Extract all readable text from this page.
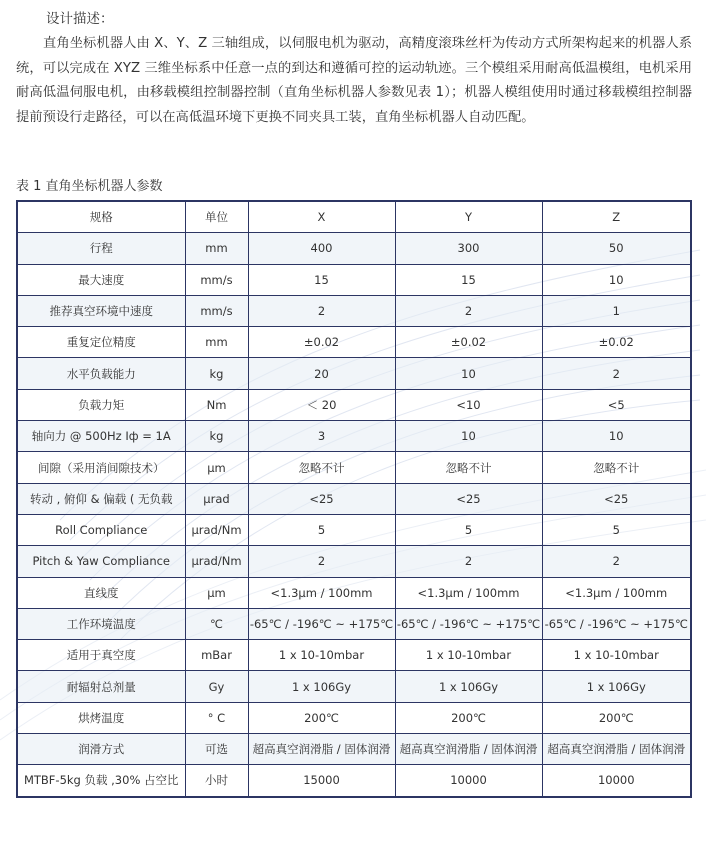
设计描述：

直角坐标机器人由 X、Y、Z 三轴组成，以伺服电机为驱动，高精度滚珠丝杆为传动方式所架构起来的机器人系统，可以完成在 XYZ 三维坐标系中任意一点的到达和遵循可控的运动轨迹。三个模组采用耐高低温模组，电机采用耐高低温伺服电机，由移载模组控制器控制（直角坐标机器人参数见表 1）；机器人模组使用时通过移载模组控制器提前预设行走路径，可以在高低温环境下更换不同夹具工装，直角坐标机器人自动匹配。

表 1 直角坐标机器人参数
规格	单位	X	Y	Z
行程	mm	400	300	50
最大速度	mm/s	15	15	10
推荐真空环境中速度	mm/s	2	2	1
重复定位精度	mm	±0.02	±0.02	±0.02
水平负载能力	kg	20	10	2
负载力矩	Nm	＜ 20	<10	<5
轴向力 @ 500Hz Iф = 1A	kg	3	10	10
间隙（采用消间隙技术）	μm	忽略不计	忽略不计	忽略不计
转动 , 俯仰 & 偏载 ( 无负载	μrad	<25	<25	<25
Roll Compliance	μrad/Nm	5	5	5
Pitch & Yaw Compliance	μrad/Nm	2	2	2
直线度	μm	<1.3μm / 100mm	<1.3μm / 100mm	<1.3μm / 100mm
工作环境温度	℃	-65℃ / -196℃ ~ +175℃	-65℃ / -196℃ ~ +175℃	-65℃ / -196℃ ~ +175℃
适用于真空度	mBar	1 x 10-10mbar	1 x 10-10mbar	1 x 10-10mbar
耐辐射总剂量	Gy	1 x 106Gy	1 x 106Gy	1 x 106Gy
烘烤温度	° C	200℃	200℃	200℃
润滑方式	可选	超高真空润滑脂 / 固体润滑	超高真空润滑脂 / 固体润滑	超高真空润滑脂 / 固体润滑
MTBF-5kg 负载 ,30% 占空比	小时	15000	10000	10000
